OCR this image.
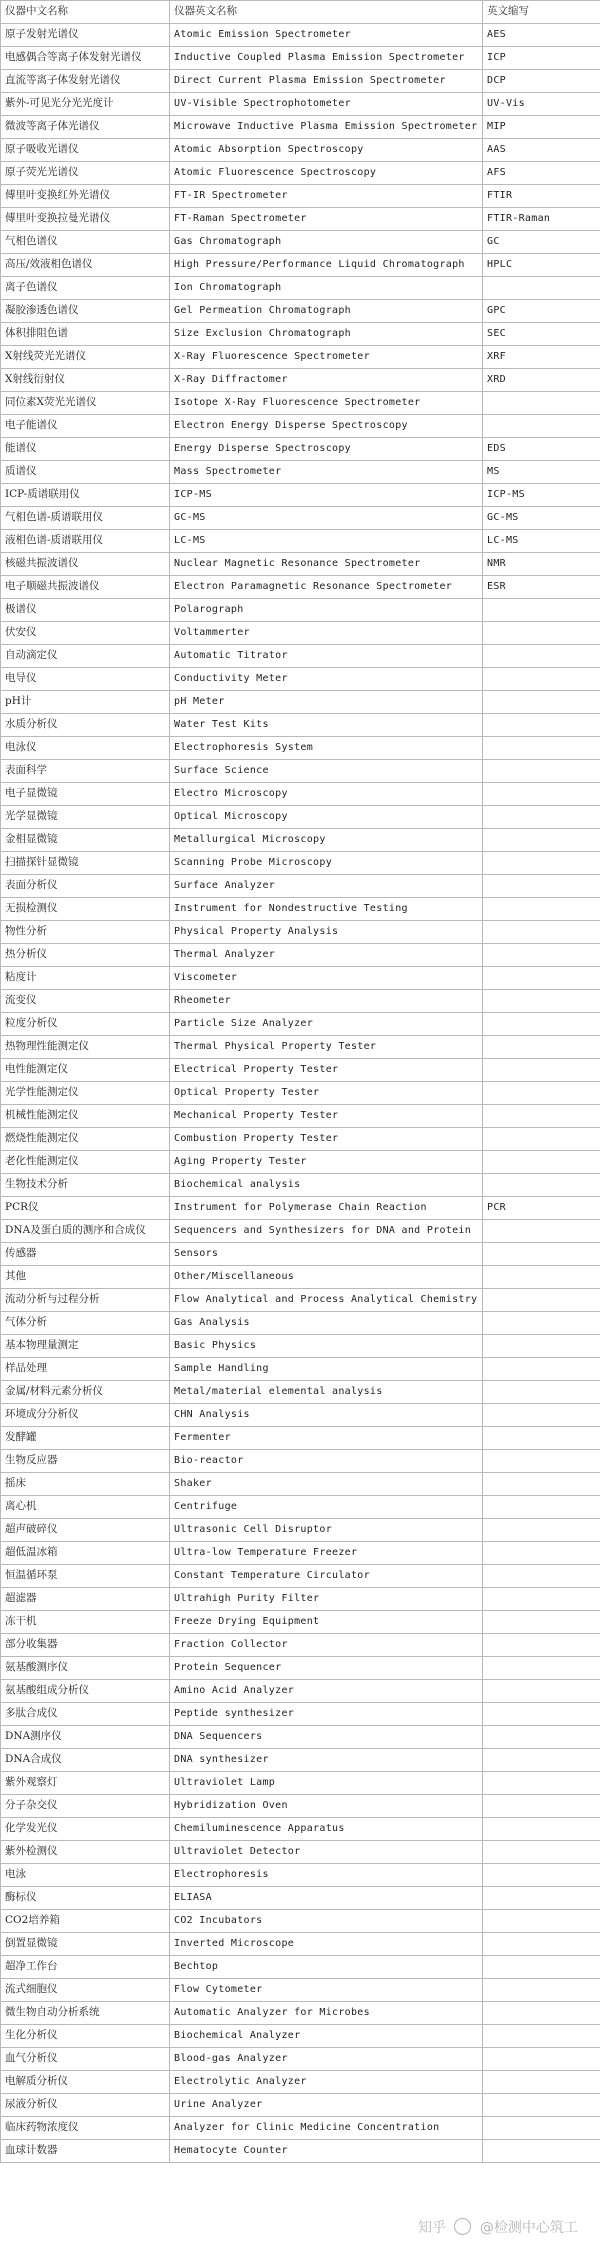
仪器中文名称	仪器英文名称	英文缩写
原子发射光谱仪	Atomic Emission Spectrometer	AES
电感偶合等离子体发射光谱仪	Inductive Coupled Plasma Emission Spectrometer	ICP
直流等离子体发射光谱仪	Direct Current Plasma Emission Spectrometer	DCP
紫外-可见光分光光度计	UV-Visible Spectrophotometer	UV-Vis
微波等离子体光谱仪	Microwave Inductive Plasma Emission Spectrometer	MIP
原子吸收光谱仪	Atomic Absorption Spectroscopy	AAS
原子荧光光谱仪	Atomic Fluorescence Spectroscopy	AFS
傅里叶变换红外光谱仪	FT-IR Spectrometer	FTIR
傅里叶变换拉曼光谱仪	FT-Raman Spectrometer	FTIR-Raman
气相色谱仪	Gas Chromatograph	GC
高压/效液相色谱仪	High Pressure/Performance Liquid Chromatograph	HPLC
离子色谱仪	Ion Chromatograph	
凝胶渗透色谱仪	Gel Permeation Chromatograph	GPC
体积排阻色谱	Size Exclusion Chromatograph	SEC
X射线荧光光谱仪	X-Ray Fluorescence Spectrometer	XRF
X射线衍射仪	X-Ray Diffractomer	XRD
同位素X荧光光谱仪	Isotope X-Ray Fluorescence Spectrometer	
电子能谱仪	Electron Energy Disperse Spectroscopy	
能谱仪	Energy Disperse Spectroscopy	EDS
质谱仪	Mass Spectrometer	MS
ICP-质谱联用仪	ICP-MS	ICP-MS
气相色谱-质谱联用仪	GC-MS	GC-MS
液相色谱-质谱联用仪	LC-MS	LC-MS
核磁共振波谱仪	Nuclear Magnetic Resonance Spectrometer	NMR
电子顺磁共振波谱仪	Electron Paramagnetic Resonance Spectrometer	ESR
极谱仪	Polarograph	
伏安仪	Voltammerter	
自动滴定仪	Automatic Titrator	
电导仪	Conductivity Meter	
pH计	pH Meter	
水质分析仪	Water Test Kits	
电泳仪	Electrophoresis System	
表面科学	Surface Science	
电子显微镜	Electro Microscopy	
光学显微镜	Optical Microscopy	
金相显微镜	Metallurgical Microscopy	
扫描探针显微镜	Scanning Probe Microscopy	
表面分析仪	Surface Analyzer	
无损检测仪	Instrument for Nondestructive Testing	
物性分析	Physical Property Analysis	
热分析仪	Thermal Analyzer	
粘度计	Viscometer	
流变仪	Rheometer	
粒度分析仪	Particle Size Analyzer	
热物理性能测定仪	Thermal Physical Property Tester	
电性能测定仪	Electrical Property Tester	
光学性能测定仪	Optical Property Tester	
机械性能测定仪	Mechanical Property Tester	
燃烧性能测定仪	Combustion Property Tester	
老化性能测定仪	Aging Property Tester	
生物技术分析	Biochemical analysis	
PCR仪	Instrument for Polymerase Chain Reaction	PCR
DNA及蛋白质的测序和合成仪	Sequencers and Synthesizers for DNA and Protein	
传感器	Sensors	
其他	Other/Miscellaneous	
流动分析与过程分析	Flow Analytical and Process Analytical Chemistry	
气体分析	Gas Analysis	
基本物理量测定	Basic Physics	
样品处理	Sample Handling	
金属/材料元素分析仪	Metal/material elemental analysis	
环境成分分析仪	CHN Analysis	
发酵罐	Fermenter	
生物反应器	Bio-reactor	
摇床	Shaker	
离心机	Centrifuge	
超声破碎仪	Ultrasonic Cell Disruptor	
超低温冰箱	Ultra-low Temperature Freezer	
恒温循环泵	Constant Temperature Circulator	
超滤器	Ultrahigh Purity Filter	
冻干机	Freeze Drying Equipment	
部分收集器	Fraction Collector	
氨基酸测序仪	Protein Sequencer	
氨基酸组成分析仪	Amino Acid Analyzer	
多肽合成仪	Peptide synthesizer	
DNA测序仪	DNA Sequencers	
DNA合成仪	DNA synthesizer	
紫外观察灯	Ultraviolet Lamp	
分子杂交仪	Hybridization Oven	
化学发光仪	Chemiluminescence Apparatus	
紫外检测仪	Ultraviolet Detector	
电泳	Electrophoresis	
酶标仪	ELIASA	
CO2培养箱	CO2 Incubators	
倒置显微镜	Inverted Microscope	
超净工作台	Bechtop	
流式细胞仪	Flow Cytometer	
微生物自动分析系统	Automatic Analyzer for Microbes	
生化分析仪	Biochemical Analyzer	
血气分析仪	Blood-gas Analyzer	
电解质分析仪	Electrolytic Analyzer	
尿液分析仪	Urine Analyzer	
临床药物浓度仪	Analyzer for Clinic Medicine Concentration	
血球计数器	Hematocyte Counter	
知乎 @检测中心筑工
